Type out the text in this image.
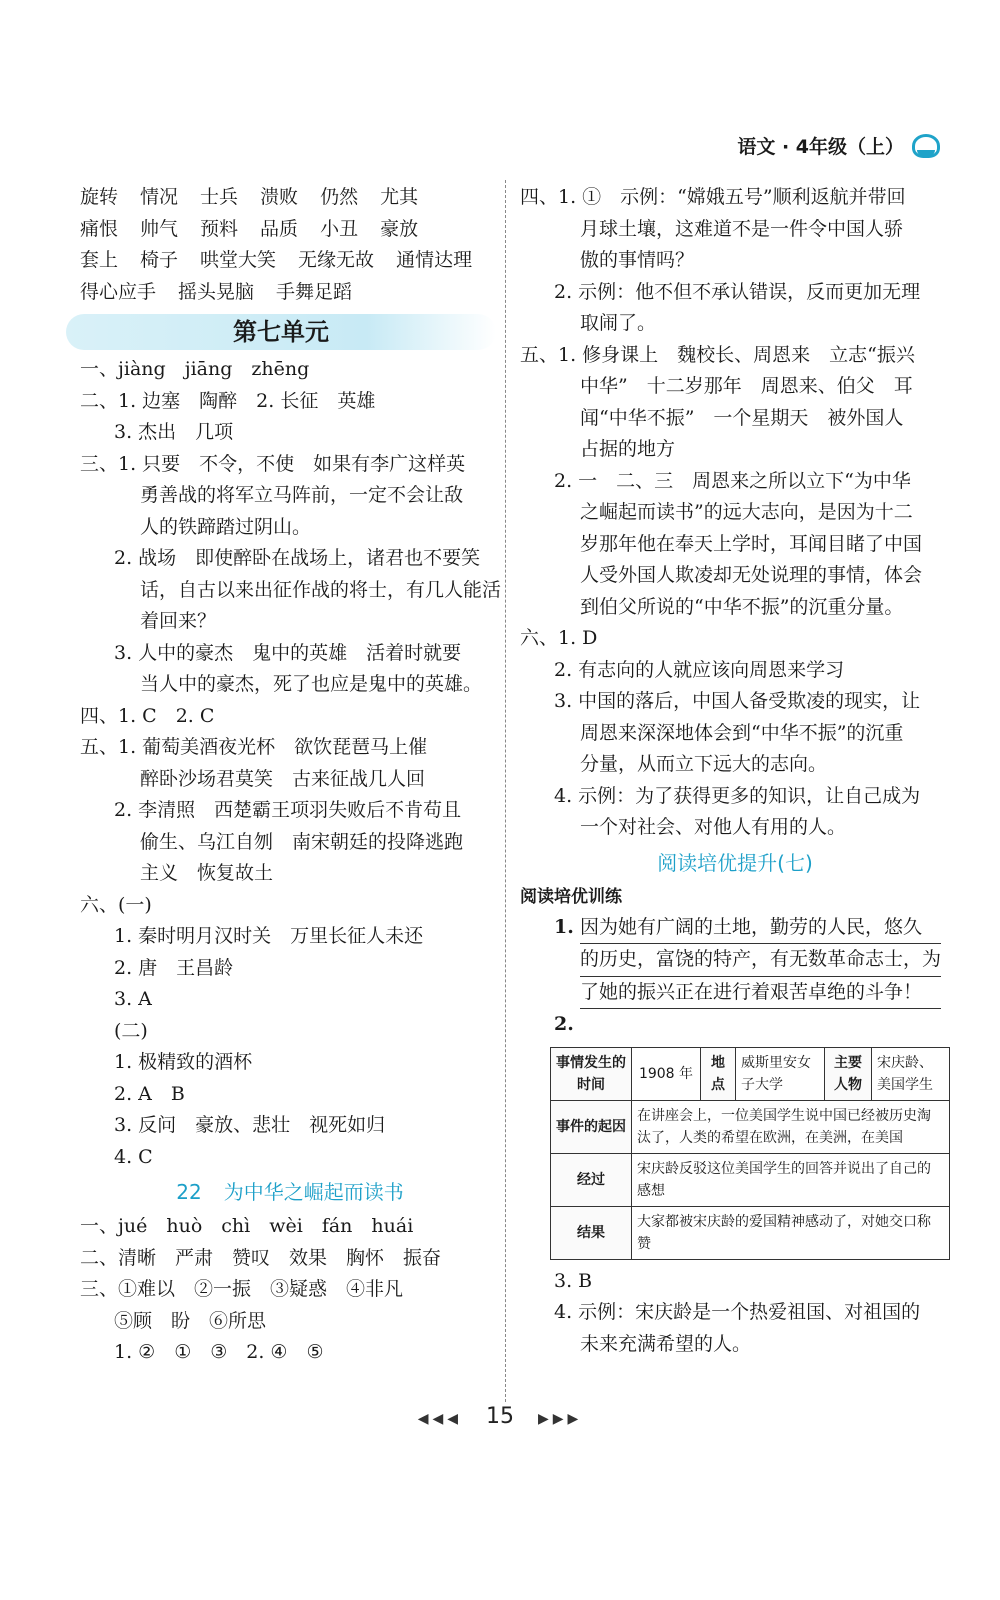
语文 · 4年级（上）
旋转 情况 士兵 溃败 仍然 尤其
痛恨 帅气 预料 品质 小丑 豪放
套上 椅子 哄堂大笑 无缘无故 通情达理
得心应手 摇头晃脑 手舞足蹈
第七单元
一、jiàng　jiāng　zhēng
二、1. 边塞　陶醉　2. 长征　英雄
3. 杰出　几项
三、1. 只要　不令，不使　如果有李广这样英
勇善战的将军立马阵前，一定不会让敌
人的铁蹄踏过阴山。
2. 战场　即使醉卧在战场上，诸君也不要笑
话，自古以来出征作战的将士，有几人能活
着回来？
3. 人中的豪杰　鬼中的英雄　活着时就要
当人中的豪杰，死了也应是鬼中的英雄。
四、1. C　2. C
五、1. 葡萄美酒夜光杯　欲饮琵琶马上催
醉卧沙场君莫笑　古来征战几人回
2. 李清照　西楚霸王项羽失败后不肯苟且
偷生、乌江自刎　南宋朝廷的投降逃跑
主义　恢复故土
六、(一)
1. 秦时明月汉时关　万里长征人未还
2. 唐　王昌龄
3. A
(二)
1. 极精致的酒杯
2. A　B
3. 反问　豪放、悲壮　视死如归
4. C
22 为中华之崛起而读书
一、jué　huò　chì　wèi　fán　huái
二、清晰　严肃　赞叹　效果　胸怀　振奋
三、①难以　②一振　③疑惑　④非凡
⑤顾　盼　⑥所思
1. ②　①　③　2. ④　⑤
四、1. ①　示例：“嫦娥五号”顺利返航并带回
月球土壤，这难道不是一件令中国人骄
傲的事情吗？
2. 示例：他不但不承认错误，反而更加无理
取闹了。
五、1. 修身课上　魏校长、周恩来　立志“振兴
中华”　十二岁那年　周恩来、伯父　耳
闻“中华不振”　一个星期天　被外国人
占据的地方
2. 一　二、三　周恩来之所以立下“为中华
之崛起而读书”的远大志向，是因为十二
岁那年他在奉天上学时，耳闻目睹了中国
人受外国人欺凌却无处说理的事情，体会
到伯父所说的“中华不振”的沉重分量。
六、1. D
2. 有志向的人就应该向周恩来学习
3. 中国的落后，中国人备受欺凌的现实，让
周恩来深深地体会到“中华不振”的沉重
分量，从而立下远大的志向。
4. 示例：为了获得更多的知识，让自己成为
一个对社会、对他人有用的人。
阅读培优提升(七)
阅读培优训练
1. 因为她有广阔的土地，勤劳的人民，悠久
的历史，富饶的特产，有无数革命志士，为
了她的振兴正在进行着艰苦卓绝的斗争！
2.
事情发生的时间	1908 年	地点	威斯里安女子大学	主要人物	宋庆龄、美国学生
事件的起因	在讲座会上，一位美国学生说中国已经被历史淘汰了，人类的希望在欧洲，在美洲，在美国				
经过	宋庆龄反驳这位美国学生的回答并说出了自己的感想				
结果	大家都被宋庆龄的爱国精神感动了，对她交口称赞				
3. B
4. 示例：宋庆龄是一个热爱祖国、对祖国的
未来充满希望的人。
◀◀◀ 15 ▶▶▶
